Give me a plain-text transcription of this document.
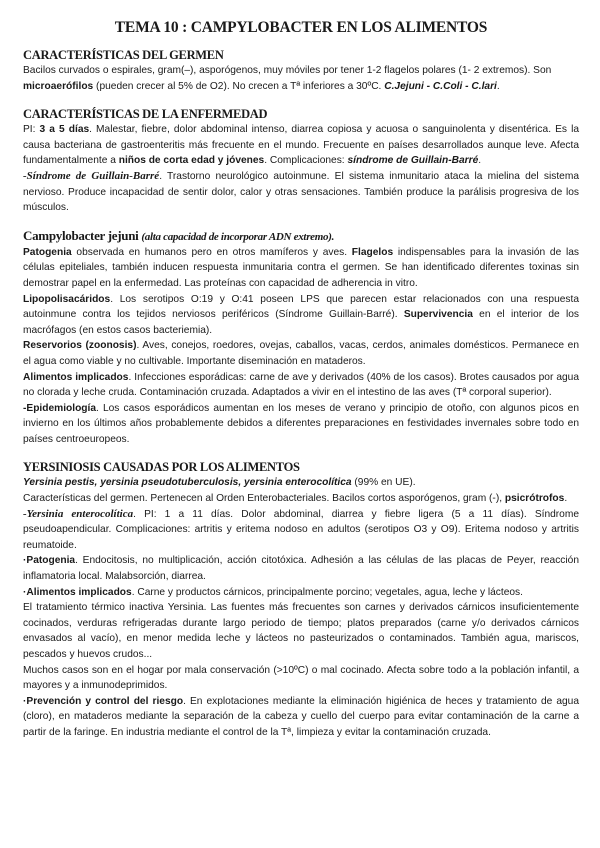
TEMA 10 : CAMPYLOBACTER EN LOS ALIMENTOS
CARACTERÍSTICAS DEL GERMEN

Bacilos curvados o espirales, gram(–), asporógenos, muy móviles por tener 1-2 flagelos polares (1- 2 extremos). Son microaerófilos (pueden crecer al 5% de O2). No crecen a Tª inferiores a 30ºC. C.Jejuni - C.Coli - C.lari.

CARACTERÍSTICAS DE LA ENFERMEDAD

PI: 3 a 5 días. Malestar, fiebre, dolor abdominal intenso, diarrea copiosa y acuosa o sanguinolenta y disentérica. Es la causa bacteriana de gastroenteritis más frecuente en el mundo. Frecuente en países desarrollados aunque leve. Afecta fundamentalmente a niños de corta edad y jóvenes. Complicaciones: síndrome de Guillain-Barré.

-Síndrome de Guillain-Barré. Trastorno neurológico autoinmune. El sistema inmunitario ataca la mielina del sistema nervioso. Produce incapacidad de sentir dolor, calor y otras sensaciones. También produce la parálisis progresiva de los músculos.

Campylobacter jejuni (alta capacidad de incorporar ADN extremo).

Patogenia observada en humanos pero en otros mamíferos y aves. Flagelos indispensables para la invasión de las células epiteliales, también inducen respuesta inmunitaria contra el germen. Se han identificado diferentes toxinas sin demostrar papel en la enfermedad. Las proteínas con capacidad de adherencia in vitro.

Lipopolisacáridos. Los serotipos O:19 y O:41 poseen LPS que parecen estar relacionados con una respuesta autoinmune contra los tejidos nerviosos periféricos (Síndrome Guillain-Barré). Supervivencia en el interior de los macrófagos (en estos casos bacteriemia).

Reservorios (zoonosis). Aves, conejos, roedores, ovejas, caballos, vacas, cerdos, animales domésticos. Permanece en el agua como viable y no cultivable. Importante diseminación en mataderos.

Alimentos implicados. Infecciones esporádicas: carne de ave y derivados (40% de los casos). Brotes causados por agua no clorada y leche cruda. Contaminación cruzada. Adaptados a vivir en el intestino de las aves (Tª corporal superior).

-Epidemiología. Los casos esporádicos aumentan en los meses de verano y principio de otoño, con algunos picos en invierno en los últimos años probablemente debidos a diferentes preparaciones en festividades invernales sobre todo en países centroeuropeos.

YERSINIOSIS CAUSADAS POR LOS ALIMENTOS

Yersinia pestis, yersinia pseudotuberculosis, yersinia enterocolítica (99% en UE).

Características del germen. Pertenecen al Orden Enterobacteriales. Bacilos cortos asporógenos, gram (-), psicrótrofos.

-Yersinia enterocolítica. PI: 1 a 11 días. Dolor abdominal, diarrea y fiebre ligera (5 a 11 días). Síndrome pseudoapendicular. Complicaciones: artritis y eritema nodoso en adultos (serotipos O3 y O9). Eritema nodoso y artritis reumatoide.

·Patogenia. Endocitosis, no multiplicación, acción citotóxica. Adhesión a las células de las placas de Peyer, reacción inflamatoria local. Malabsorción, diarrea.

·Alimentos implicados. Carne y productos cárnicos, principalmente porcino; vegetales, agua, leche y lácteos.

El tratamiento térmico inactiva Yersinia. Las fuentes más frecuentes son carnes y derivados cárnicos insuficientemente cocinados, verduras refrigeradas durante largo periodo de tiempo; platos preparados (carne y/o derivados cárnicos envasados al vacío), en menor medida leche y lácteos no pasteurizados o contaminados. También agua, mariscos, pescados y huevos crudos...

Muchos casos son en el hogar por mala conservación (>10ºC) o mal cocinado. Afecta sobre todo a la población infantil, a mayores y a inmunodeprimidos.

·Prevención y control del riesgo. En explotaciones mediante la eliminación higiénica de heces y tratamiento de agua (cloro), en mataderos mediante la separación de la cabeza y cuello del cuerpo para evitar contaminación de la carne a partir de la faringe. En industria mediante el control de la Tª, limpieza y evitar la contaminación cruzada.
